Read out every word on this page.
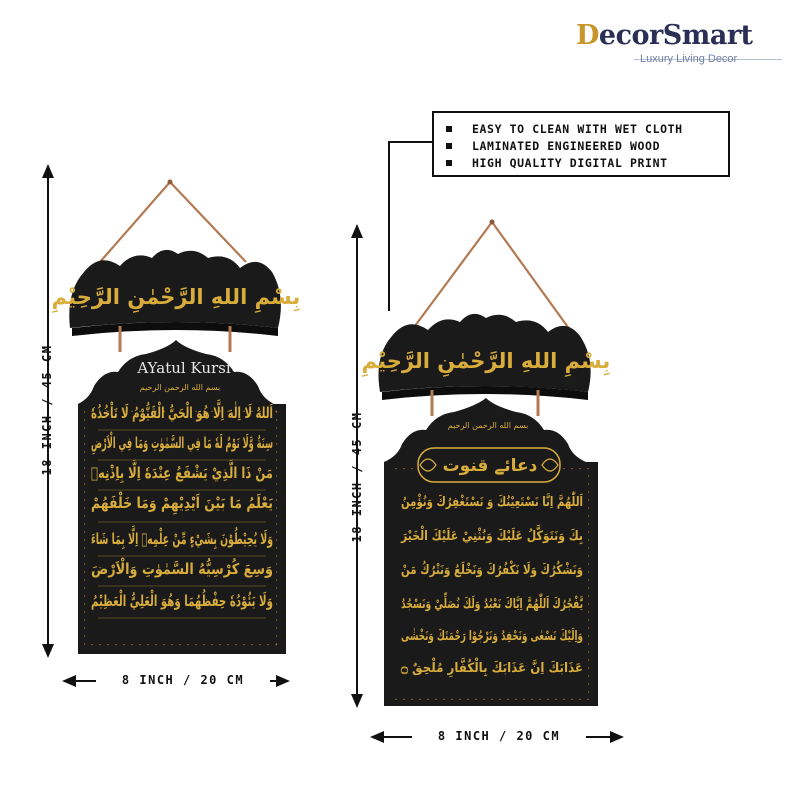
DecorSmart
Luxury Living Decor
EASY TO CLEAN WITH WET CLOTH
LAMINATED ENGINEERED WOOD
HIGH QUALITY DIGITAL PRINT
بِسْمِ اللهِ الرَّحْمٰنِ الرَّحِيْمِ
AYatul Kursi
بسم الله الرحمن الرحيم
اَللهُ لَا اِلٰهَ اِلَّا هُوَ الْحَيُّ الْقَيُّوْمُ لَا تَاْخُذُهٗ
سِنَةٌ وَّلَا نَوْمٌ لَهٗ مَا فِي السَّمٰوٰتِ وَمَا فِي الْاَرْضِ
مَنْ ذَا الَّذِيْ يَشْفَعُ عِنْدَهٗ اِلَّا بِاِذْنِهٖ
يَعْلَمُ مَا بَيْنَ اَيْدِيْهِمْ وَمَا خَلْفَهُمْ
وَلَا يُحِيْطُوْنَ بِشَيْءٍ مِّنْ عِلْمِهٖ اِلَّا بِمَا شَاءَ
وَسِعَ كُرْسِيُّهُ السَّمٰوٰتِ وَالْاَرْضَ
وَلَا يَئُوْدُهٗ حِفْظُهُمَا وَهُوَ الْعَلِيُّ الْعَظِيْمُ
بِسْمِ اللهِ الرَّحْمٰنِ الرَّحِيْمِ
بسم الله الرحمن الرحيم
دعائے قنوت
اَللّٰهُمَّ اِنَّا نَسْتَعِيْنُكَ وَ نَسْتَغْفِرُكَ وَنُؤْمِنُ
بِكَ وَنَتَوَكَّلُ عَلَيْكَ وَنُثْنِيْ عَلَيْكَ الْخَيْرَ
وَنَشْكُرُكَ وَلَا نَكْفُرُكَ وَنَخْلَعُ وَنَتْرُكُ مَنْ
يَّفْجُرُكَ اَللّٰهُمَّ اِيَّاكَ نَعْبُدُ وَلَكَ نُصَلِّيْ وَنَسْجُدُ
وَاِلَيْكَ نَسْعٰى وَنَحْفِدُ وَنَرْجُوْا رَحْمَتَكَ وَنَخْشٰى
عَذَابَكَ اِنَّ عَذَابَكَ بِالْكُفَّارِ مُلْحِقٌ ۝
18 INCH / 45 CM
8 INCH / 20 CM
18 INCH / 45 CM
8 INCH / 20 CM
